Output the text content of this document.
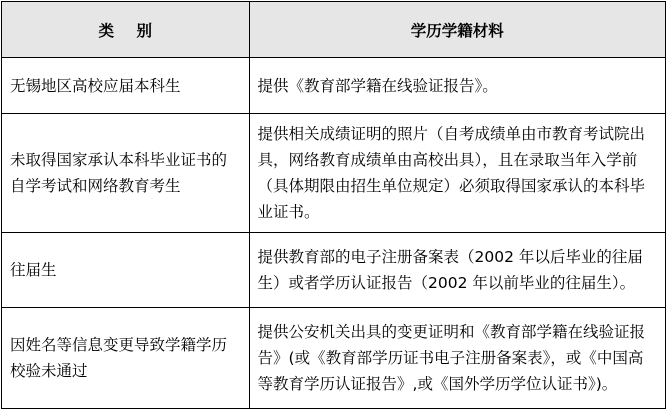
类 别	学历学籍材料
无锡地区高校应届本科生	提供《教育部学籍在线验证报告》。
未取得国家承认本科毕业证书的自学考试和网络教育考生	提供相关成绩证明的照片（自考成绩单由市教育考试院出具，网络教育成绩单由高校出具），且在录取当年入学前（具体期限由招生单位规定）必须取得国家承认的本科毕业证书。
往届生	提供教育部的电子注册备案表（2002 年以后毕业的往届生）或者学历认证报告（2002 年以前毕业的往届生）。
因姓名等信息变更导致学籍学历校验未通过	提供公安机关出具的变更证明和《教育部学籍在线验证报告》(或《教育部学历证书电子注册备案表》，或《中国高等教育学历认证报告》,或《国外学历学位认证书》)。
